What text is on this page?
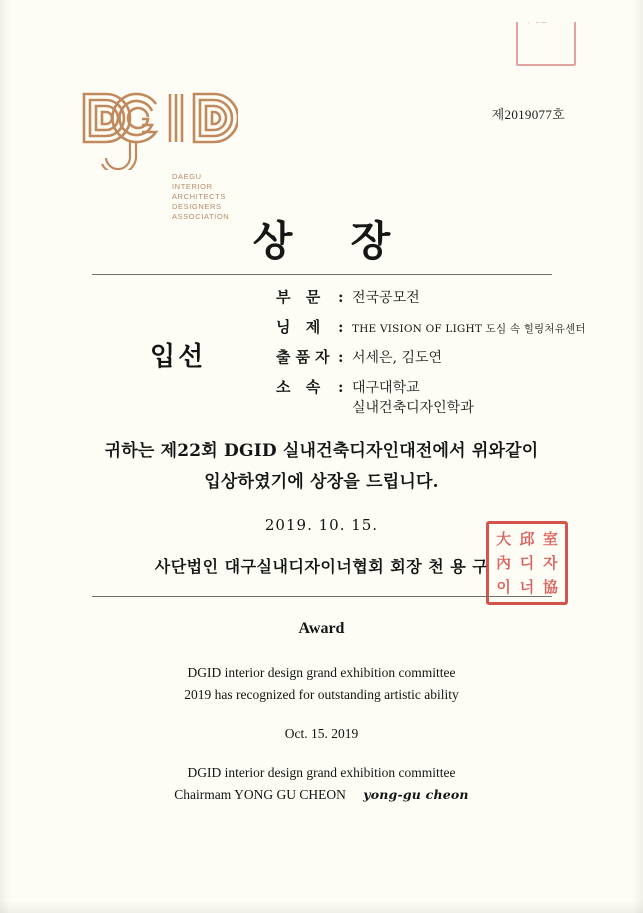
DAEGU
INTERIOR ARCHITECTS
DESIGNERS ASSOCIATION
제2019077호
상 장
입선
부 문 : 전국공모전
닝 제 : THE VISION OF LIGHT 도심 속 힐링처유센터
출품자 : 서세은, 김도연
소 속 : 대구대학교
실내건축디자인학과
귀하는 제22회 DGID 실내건축디자인대전에서 위와같이
입상하였기에 상장을 드립니다.
2019. 10. 15.
사단법인 대구실내디자이너협회 회장 천 용 구
大 邱 室
內 디 자
이 너 協
Award
DGID interior design grand exhibition committee
2019 has recognized for outstanding artistic ability
Oct. 15. 2019
DGID interior design grand exhibition committee
Chairmam YONG GU CHEON yong-gu cheon
